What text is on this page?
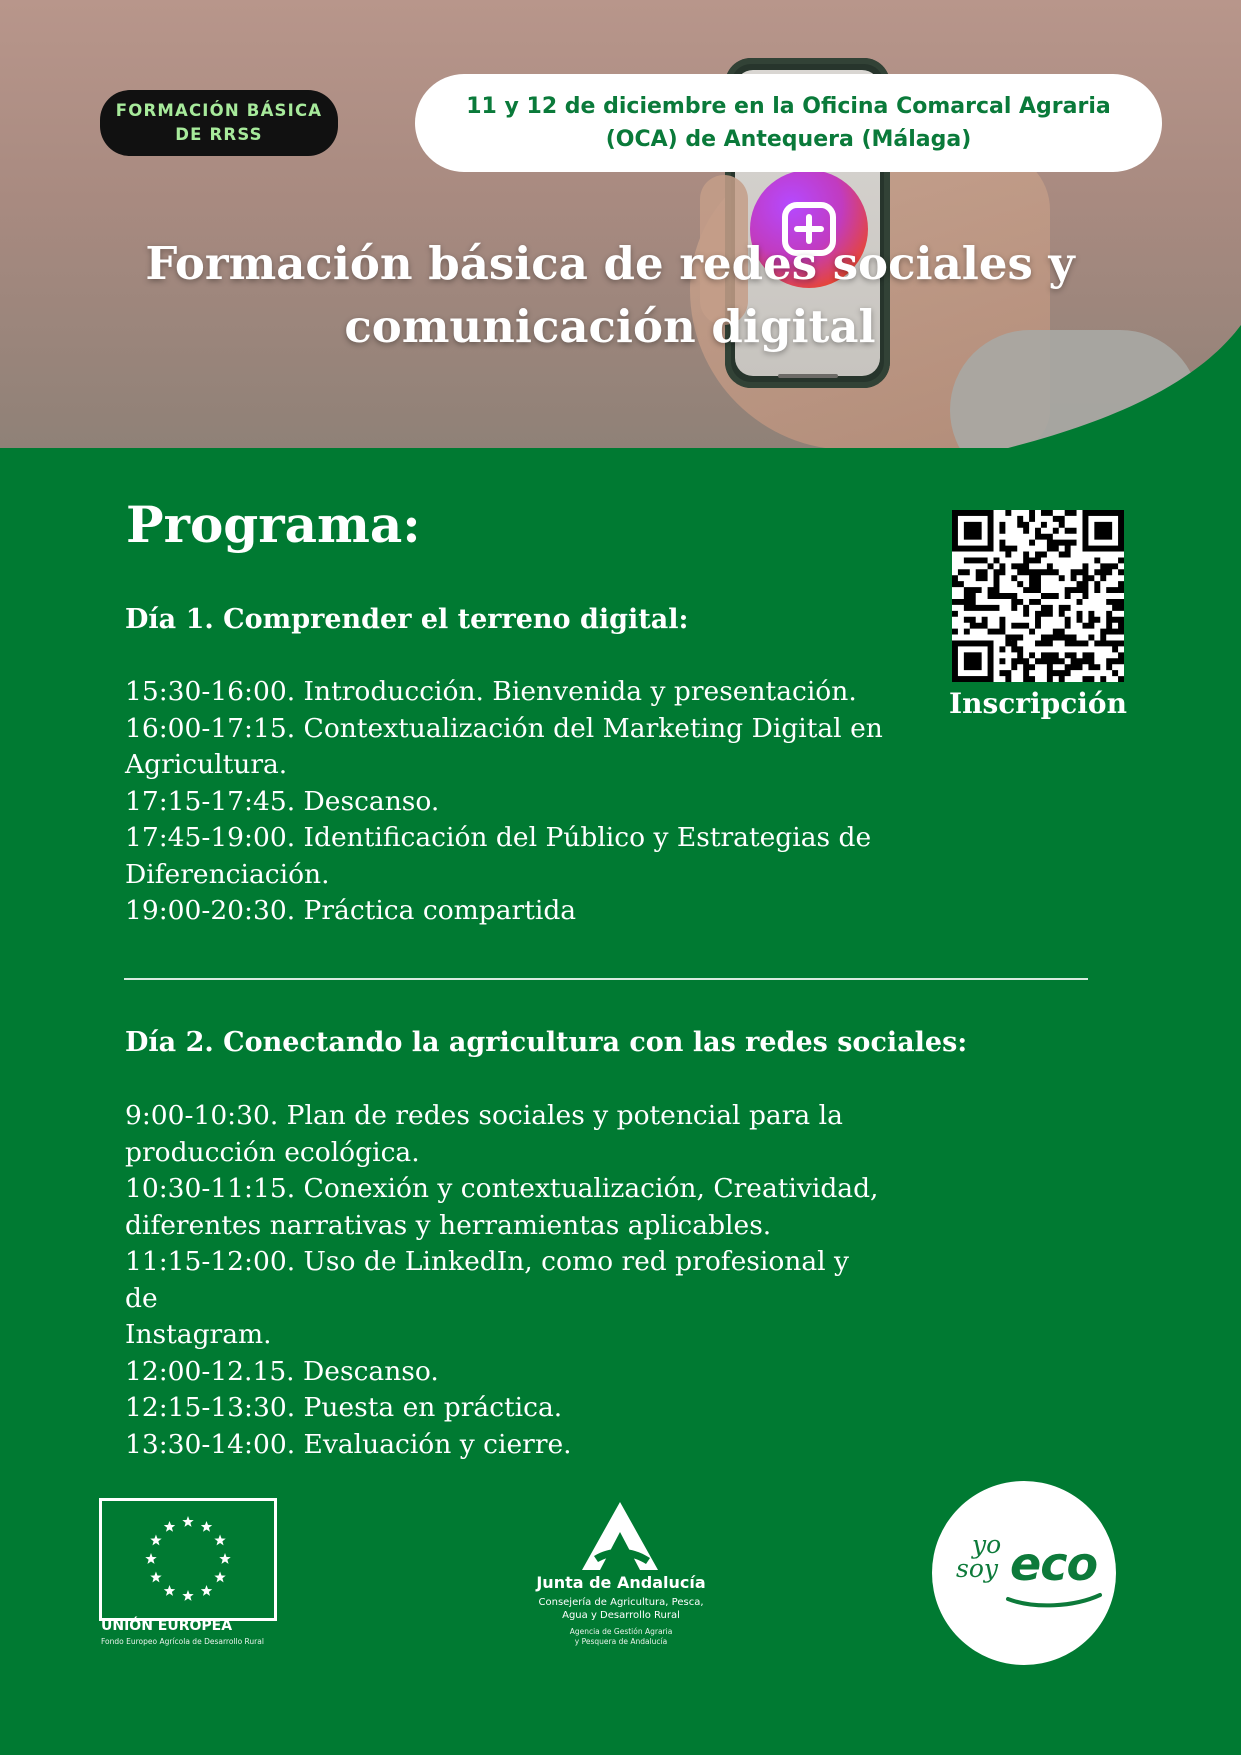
FORMACIÓN BÁSICA
DE RRSS
11 y 12 de diciembre en la Oficina Comarcal Agraria
(OCA) de Antequera (Málaga)
Formación básica de redes sociales y
comunicación digital
Programa:
Día 1. Comprender el terreno digital:
15:30-16:00. Introducción. Bienvenida y presentación.
16:00-17:15. Contextualización del Marketing Digital en
Agricultura.
17:15-17:45. Descanso.
17:45-19:00. Identificación del Público y Estrategias de
Diferenciación.
19:00-20:30. Práctica compartida
Día 2. Conectando la agricultura con las redes sociales:
9:00-10:30. Plan de redes sociales y potencial para la
producción ecológica.
10:30-11:15. Conexión y contextualización, Creatividad,
diferentes narrativas y herramientas aplicables.
11:15-12:00. Uso de LinkedIn, como red profesional y de
Instagram.
12:00-12.15. Descanso.
12:15-13:30. Puesta en práctica.
13:30-14:00. Evaluación y cierre.
Inscripción
UNIÓN EUROPEA
Fondo Europeo Agrícola de Desarrollo Rural
Junta de Andalucía
Consejería de Agricultura, Pesca,
Agua y Desarrollo Rural
Agencia de Gestión Agraria
y Pesquera de Andalucía
yo
soy eco
